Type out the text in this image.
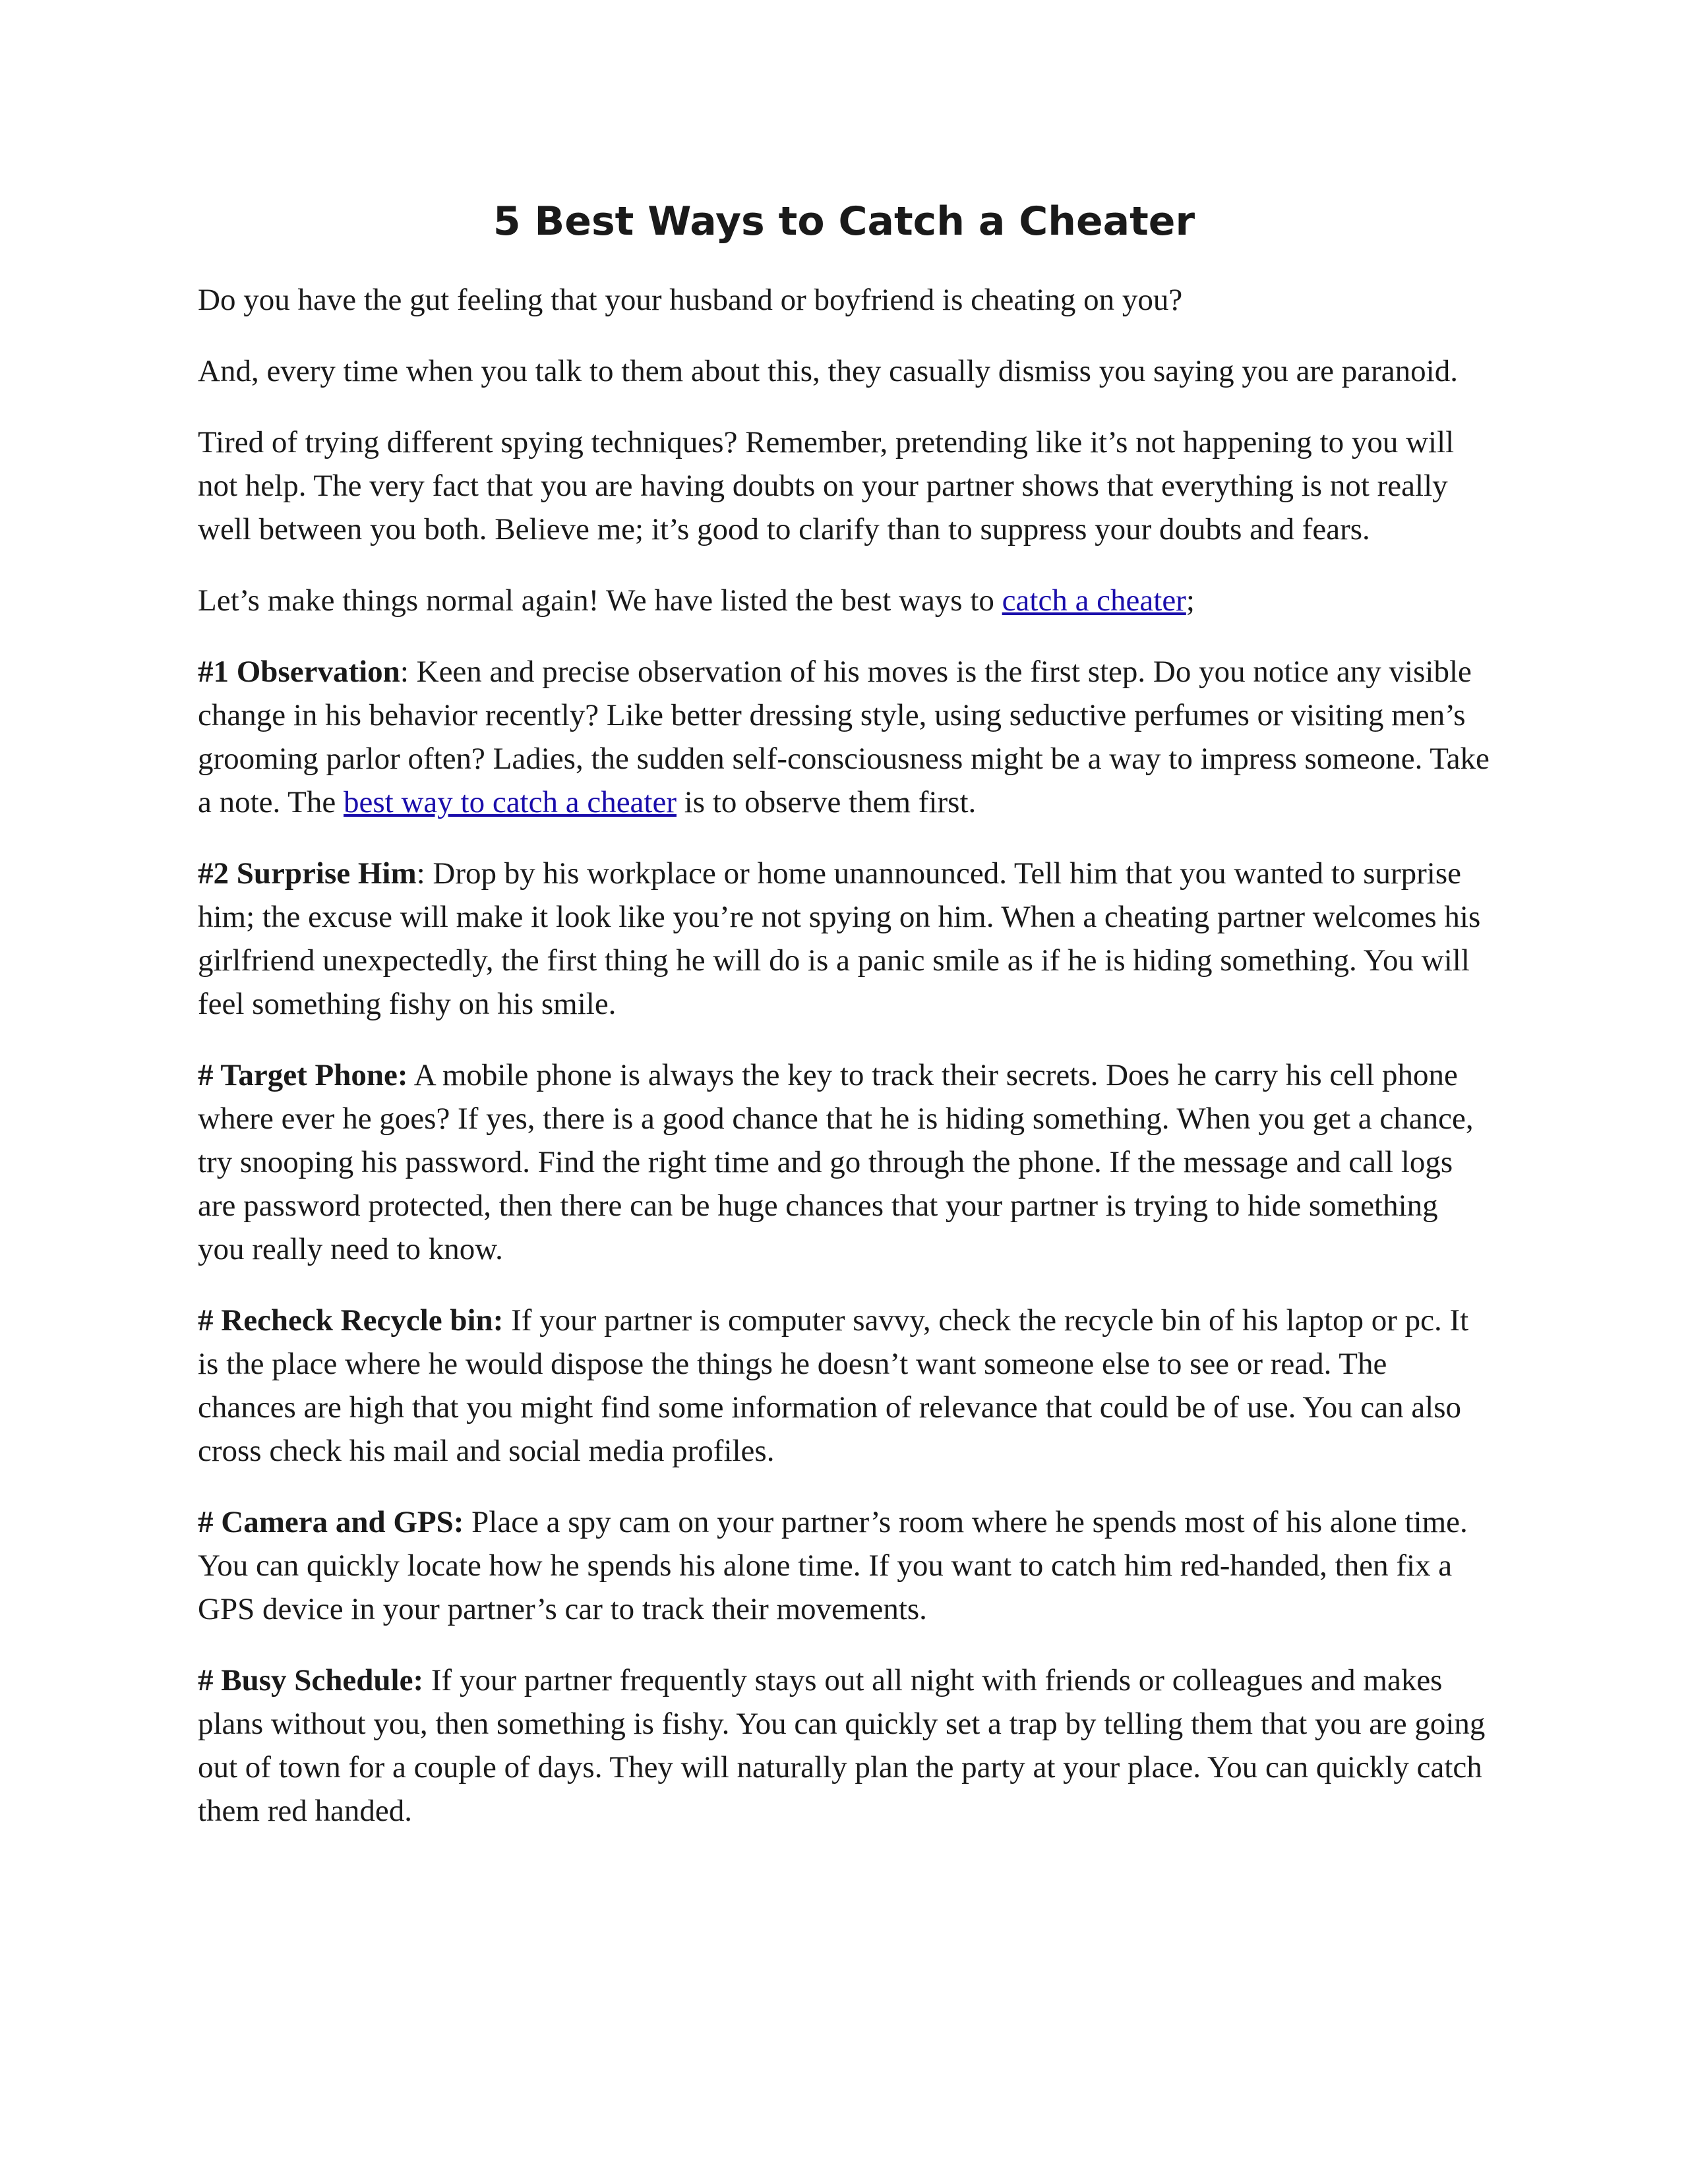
5 Best Ways to Catch a Cheater

Do you have the gut feeling that your husband or boyfriend is cheating on you?

And, every time when you talk to them about this, they casually dismiss you saying you are paranoid.

Tired of trying different spying techniques? Remember, pretending like it’s not happening to you will not help. The very fact that you are having doubts on your partner shows that everything is not really well between you both. Believe me; it’s good to clarify than to suppress your doubts and fears.

Let’s make things normal again! We have listed the best ways to catch a cheater;

#1 Observation: Keen and precise observation of his moves is the first step. Do you notice any visible change in his behavior recently? Like better dressing style, using seductive perfumes or visiting men’s grooming parlor often? Ladies, the sudden self-consciousness might be a way to impress someone. Take a note. The best way to catch a cheater is to observe them first.

#2 Surprise Him: Drop by his workplace or home unannounced. Tell him that you wanted to surprise him; the excuse will make it look like you’re not spying on him. When a cheating partner welcomes his girlfriend unexpectedly, the first thing he will do is a panic smile as if he is hiding something. You will feel something fishy on his smile.

# Target Phone: A mobile phone is always the key to track their secrets. Does he carry his cell phone where ever he goes? If yes, there is a good chance that he is hiding something. When you get a chance, try snooping his password. Find the right time and go through the phone. If the message and call logs are password protected, then there can be huge chances that your partner is trying to hide something you really need to know.

# Recheck Recycle bin: If your partner is computer savvy, check the recycle bin of his laptop or pc. It is the place where he would dispose the things he doesn’t want someone else to see or read. The chances are high that you might find some information of relevance that could be of use. You can also cross check his mail and social media profiles.

# Camera and GPS: Place a spy cam on your partner’s room where he spends most of his alone time. You can quickly locate how he spends his alone time. If you want to catch him red-handed, then fix a GPS device in your partner’s car to track their movements.

# Busy Schedule: If your partner frequently stays out all night with friends or colleagues and makes plans without you, then something is fishy. You can quickly set a trap by telling them that you are going out of town for a couple of days. They will naturally plan the party at your place. You can quickly catch them red handed.
